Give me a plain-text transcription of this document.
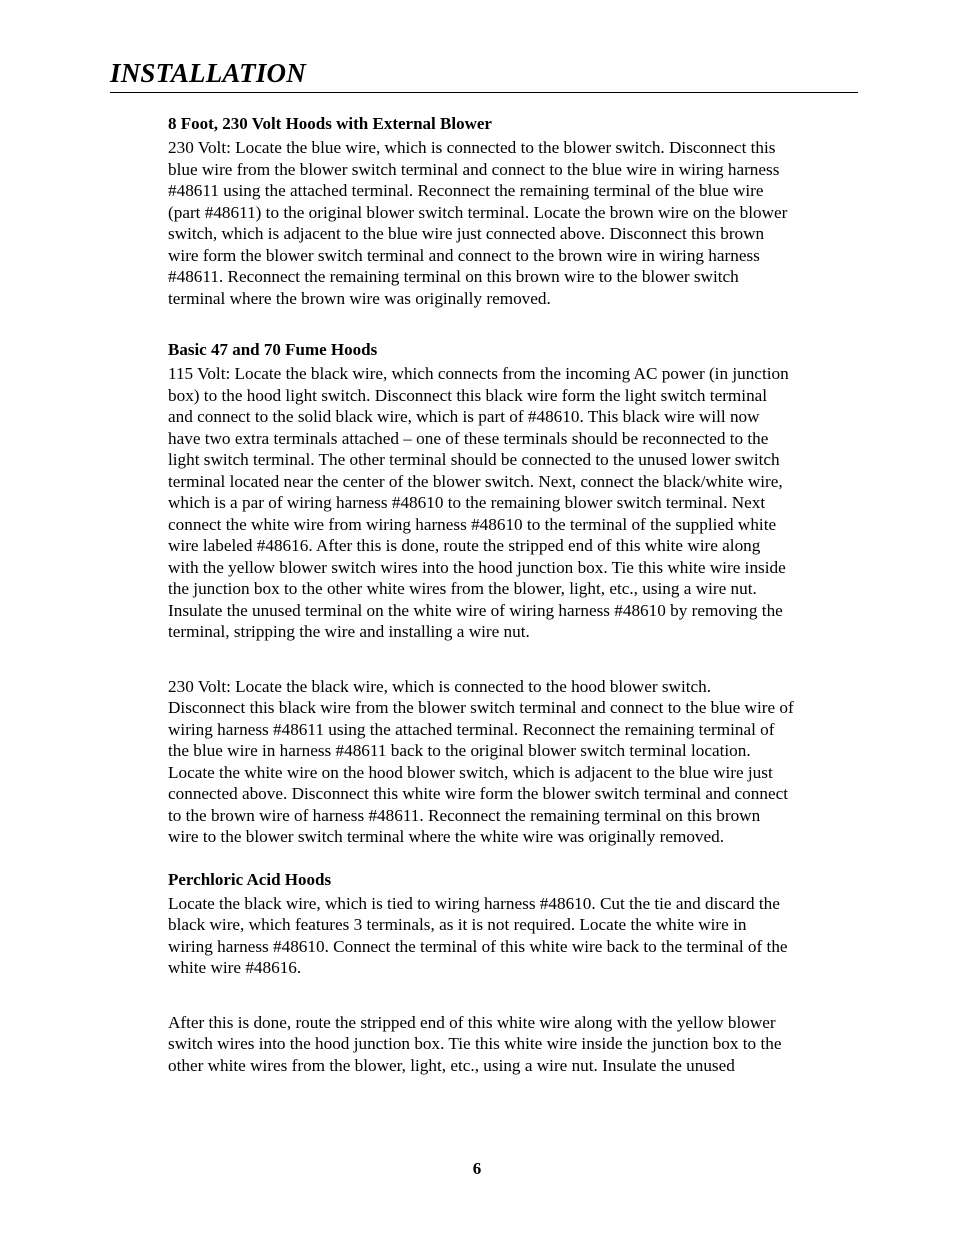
INSTALLATION
8 Foot, 230 Volt Hoods with External Blower

230 Volt: Locate the blue wire, which is connected to the blower switch. Disconnect this
blue wire from the blower switch terminal and connect to the blue wire in wiring harness
#48611 using the attached terminal. Reconnect the remaining terminal of the blue wire
(part #48611) to the original blower switch terminal. Locate the brown wire on the blower
switch, which is adjacent to the blue wire just connected above. Disconnect this brown
wire form the blower switch terminal and connect to the brown wire in wiring harness
#48611. Reconnect the remaining terminal on this brown wire to the blower switch
terminal where the brown wire was originally removed.

Basic 47 and 70 Fume Hoods

115 Volt: Locate the black wire, which connects from the incoming AC power (in junction
box) to the hood light switch. Disconnect this black wire form the light switch terminal
and connect to the solid black wire, which is part of #48610. This black wire will now
have two extra terminals attached – one of these terminals should be reconnected to the
light switch terminal. The other terminal should be connected to the unused lower switch
terminal located near the center of the blower switch. Next, connect the black/white wire,
which is a par of wiring harness #48610 to the remaining blower switch terminal. Next
connect the white wire from wiring harness #48610 to the terminal of the supplied white
wire labeled #48616. After this is done, route the stripped end of this white wire along
with the yellow blower switch wires into the hood junction box. Tie this white wire inside
the junction box to the other white wires from the blower, light, etc., using a wire nut.
Insulate the unused terminal on the white wire of wiring harness #48610 by removing the
terminal, stripping the wire and installing a wire nut.

230 Volt: Locate the black wire, which is connected to the hood blower switch.
Disconnect this black wire from the blower switch terminal and connect to the blue wire of
wiring harness #48611 using the attached terminal. Reconnect the remaining terminal of
the blue wire in harness #48611 back to the original blower switch terminal location.
Locate the white wire on the hood blower switch, which is adjacent to the blue wire just
connected above. Disconnect this white wire form the blower switch terminal and connect
to the brown wire of harness #48611. Reconnect the remaining terminal on this brown
wire to the blower switch terminal where the white wire was originally removed.

Perchloric Acid Hoods

Locate the black wire, which is tied to wiring harness #48610. Cut the tie and discard the
black wire, which features 3 terminals, as it is not required. Locate the white wire in
wiring harness #48610. Connect the terminal of this white wire back to the terminal of the
white wire #48616.

After this is done, route the stripped end of this white wire along with the yellow blower
switch wires into the hood junction box. Tie this white wire inside the junction box to the
other white wires from the blower, light, etc., using a wire nut. Insulate the unused

6
